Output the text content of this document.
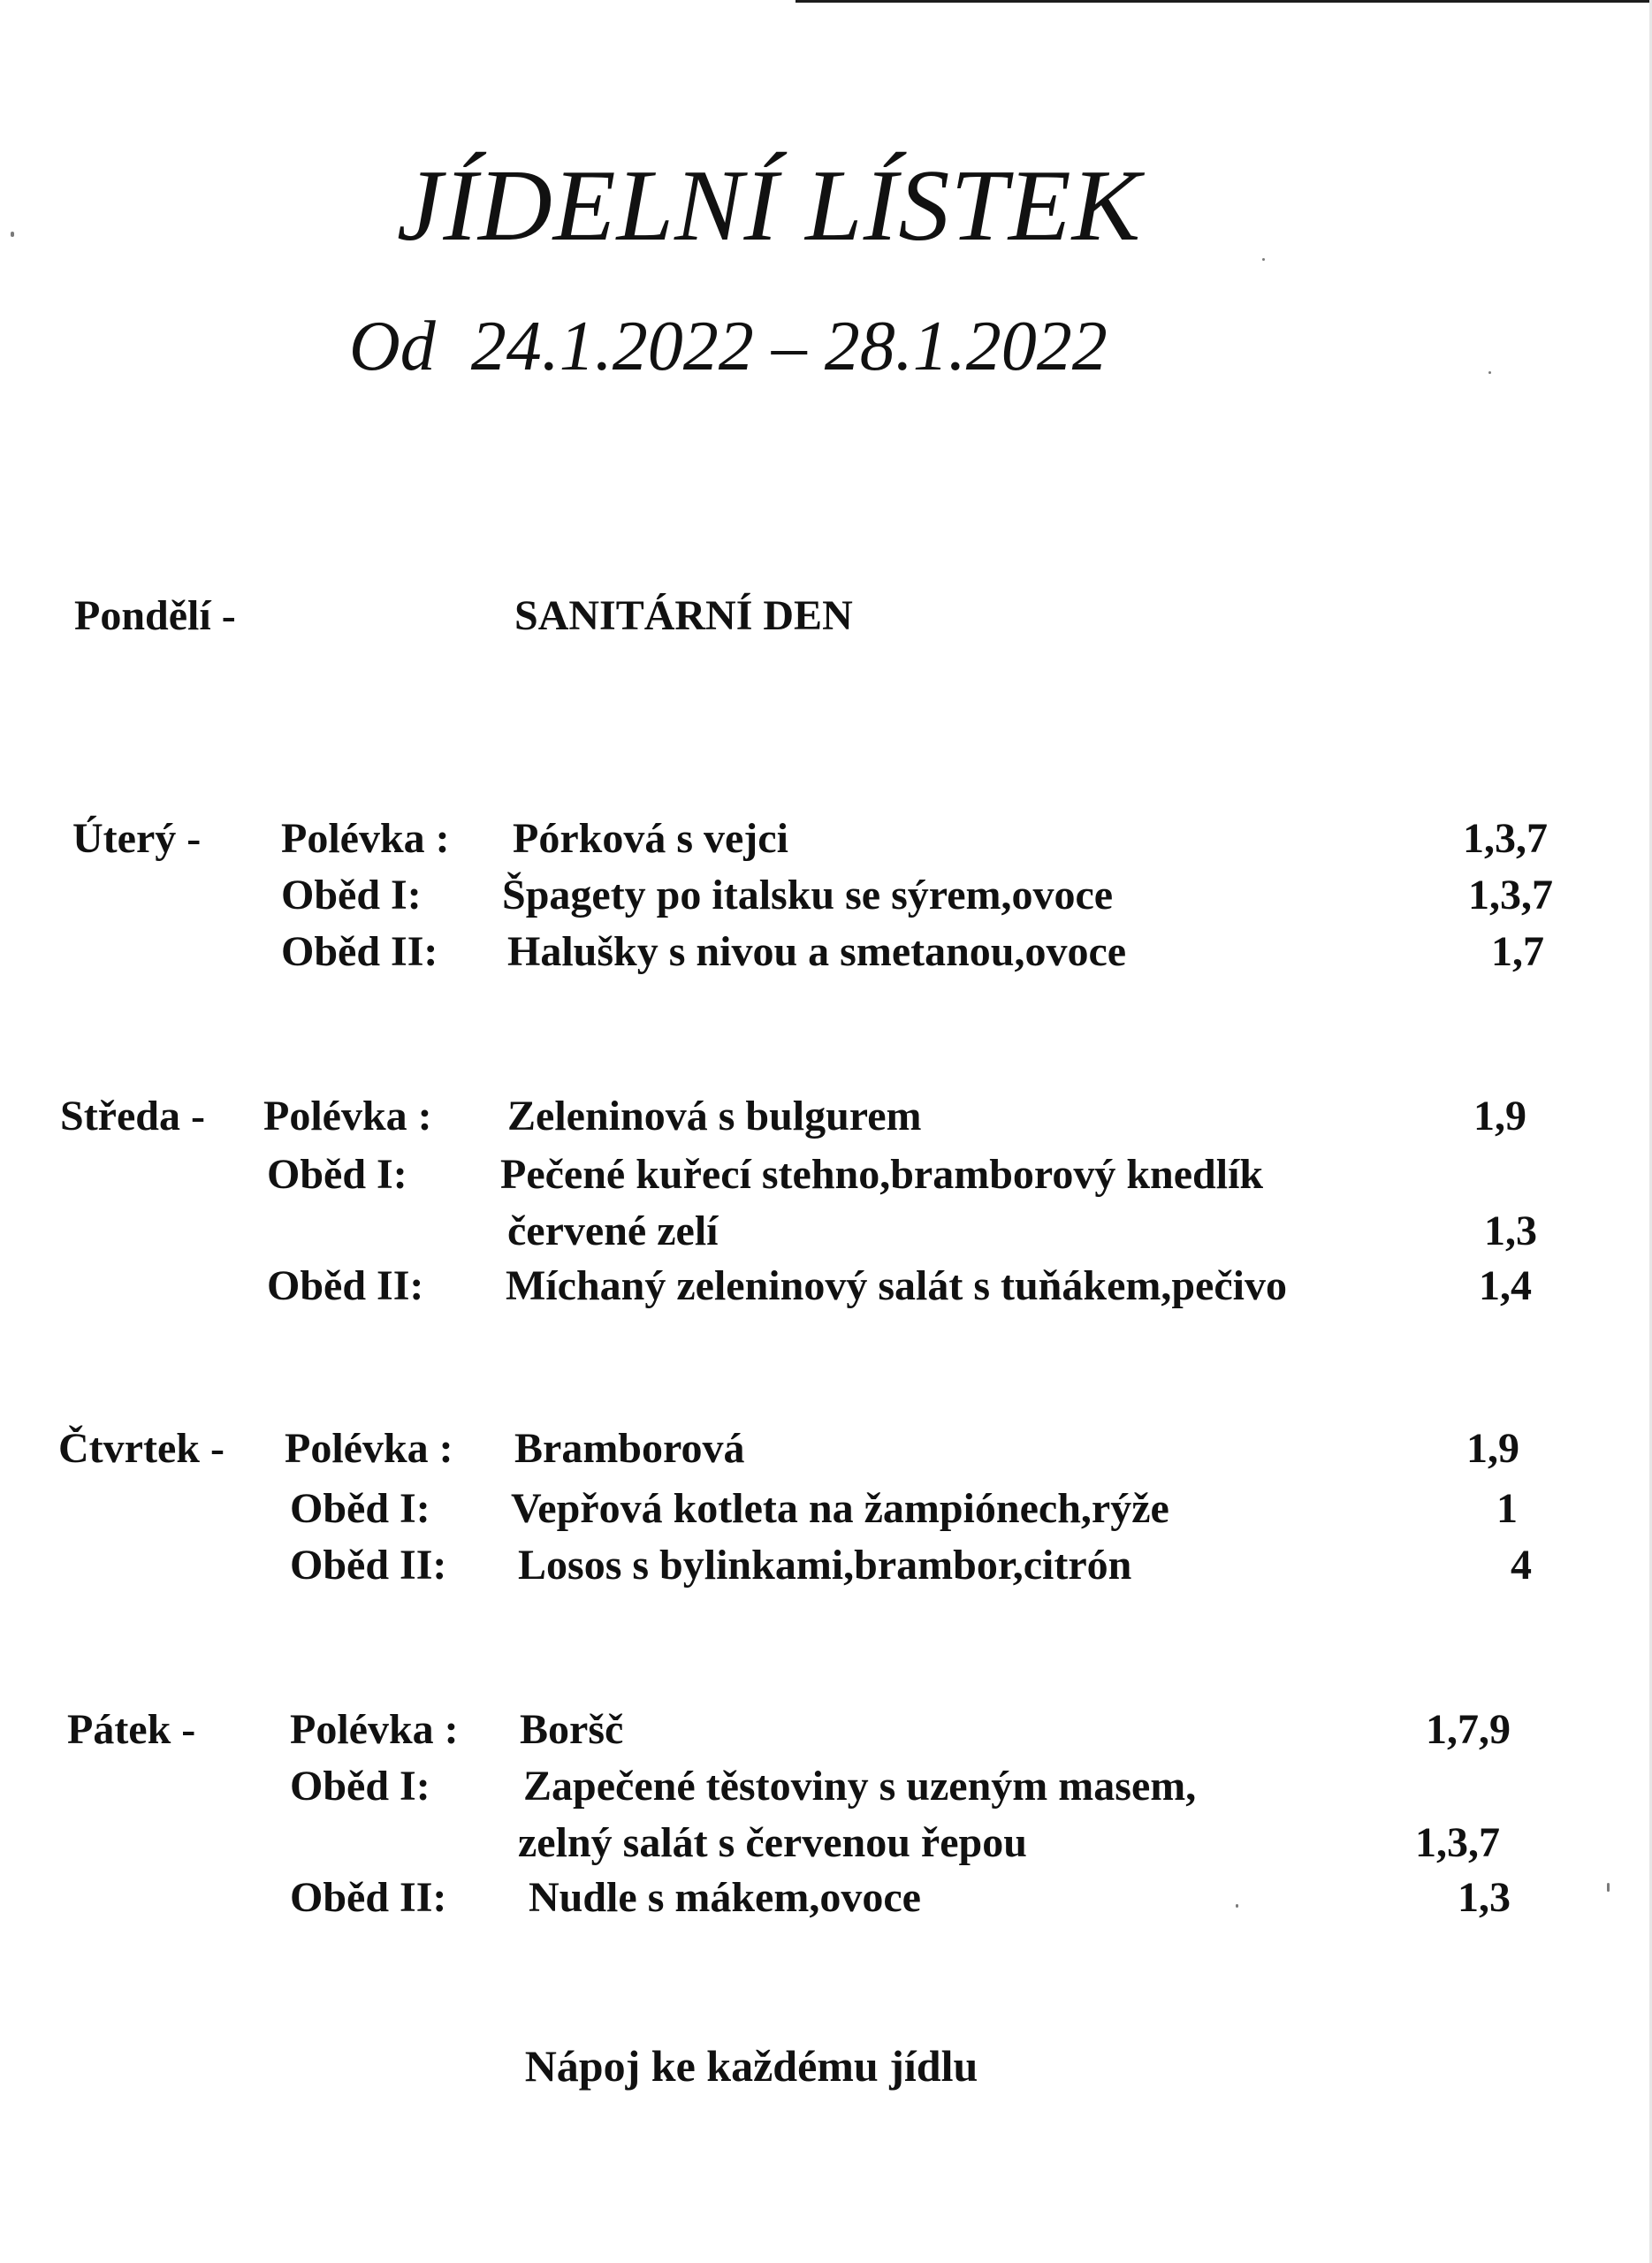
JÍDELNÍ LÍSTEK
Od  24.1.2022 – 28.1.2022
Pondělí -	SANITÁRNÍ DEN
Úterý - Polévka : Pórková s vejci	1,3,7
Oběd I: Špagety po italsku se sýrem,ovoce	1,3,7
Oběd II: Halušky s nivou a smetanou,ovoce	1,7
Středa - Polévka : Zeleninová s bulgurem	1,9
Oběd I: Pečené kuřecí stehno,bramborový knedlík
červené zelí	1,3
Oběd II: Míchaný zeleninový salát s tuňákem,pečivo	1,4
Čtvrtek - Polévka : Bramborová	1,9
Oběd I: Vepřová kotleta na žampiónech,rýže	1
Oběd II: Losos s bylinkami,brambor,citrón	4
Pátek - Polévka : Boršč	1,7,9
Oběd I: Zapečené těstoviny s uzeným masem,
zelný salát s červenou řepou	1,3,7
Oběd II: Nudle s mákem,ovoce	1,3
Nápoj ke každému jídlu
